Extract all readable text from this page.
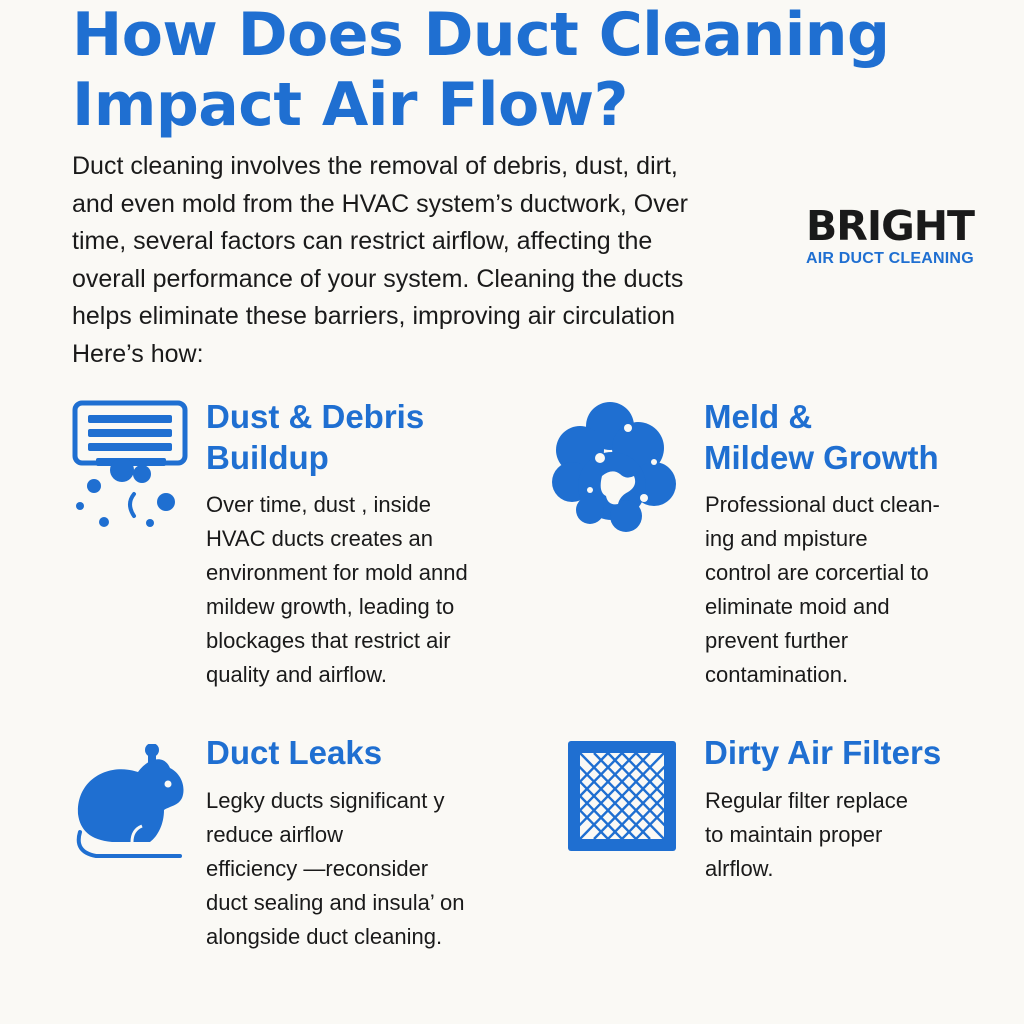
How Does Duct Cleaning
Impact Air Flow?

Duct cleaning involves the removal of debris, dust, dirt,
and even mold from the HVAC system’s ductwork, Over
time, several factors can restrict airflow, affecting the
overall performance of your system. Cleaning the ducts
helps eliminate these barriers, improving air circulation
Here’s how:

BRIGHT
AIR DUCT CLEANING
Dust & Debris
Buildup

Over time, dust , inside
HVAC ducts creates an
environment for mold annd
mildew growth, leading to
blockages that restrict air
quality and airflow.

Meld &
Mildew Growth

Professional duct clean-
ing and mpisture
control are corcertial to
eliminate moid and
prevent further
contamination.

Duct Leaks

Legky ducts significant y
reduce airflow
efficiency —reconsider
duct sealing and insula’ on
alongside duct cleaning.

Dirty Air Filters

Regular filter replace
to maintain proper
alrflow.
